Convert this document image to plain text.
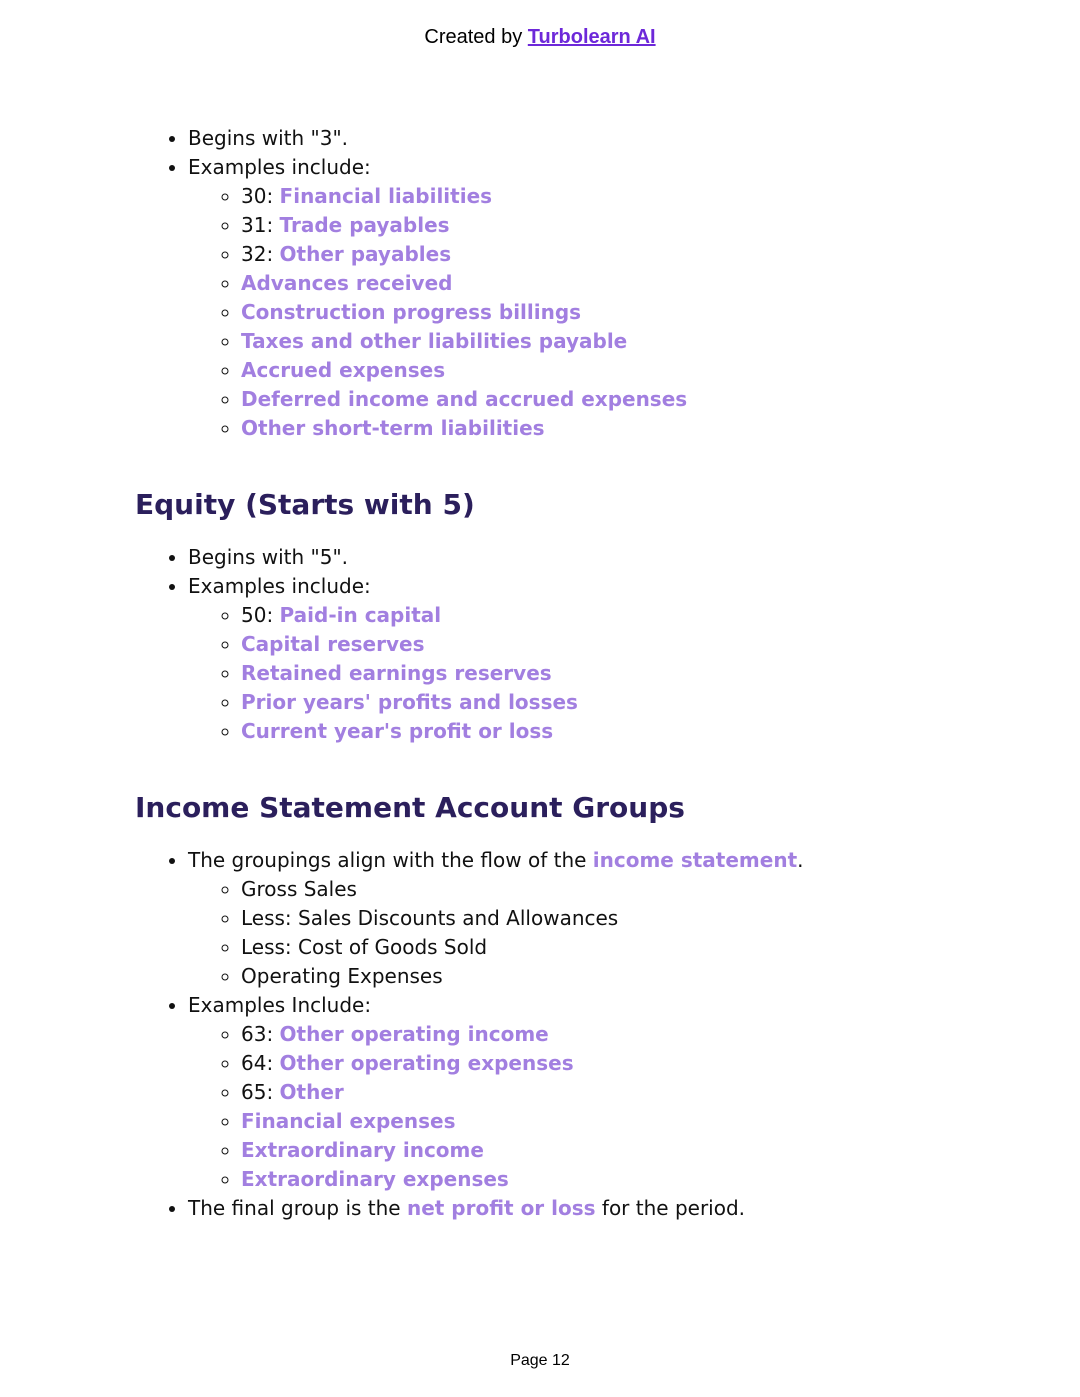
Created by Turbolearn AI
• Begins with "3".
• Examples include:
◦ 30: Financial liabilities
◦ 31: Trade payables
◦ 32: Other payables
◦ Advances received
◦ Construction progress billings
◦ Taxes and other liabilities payable
◦ Accrued expenses
◦ Deferred income and accrued expenses
◦ Other short-term liabilities
Equity (Starts with 5)
• Begins with "5".
• Examples include:
◦ 50: Paid-in capital
◦ Capital reserves
◦ Retained earnings reserves
◦ Prior years' profits and losses
◦ Current year's profit or loss
Income Statement Account Groups
• The groupings align with the flow of the income statement.
◦ Gross Sales
◦ Less: Sales Discounts and Allowances
◦ Less: Cost of Goods Sold
◦ Operating Expenses
• Examples Include:
◦ 63: Other operating income
◦ 64: Other operating expenses
◦ 65: Other
◦ Financial expenses
◦ Extraordinary income
◦ Extraordinary expenses
• The final group is the net profit or loss for the period.
Page 12
